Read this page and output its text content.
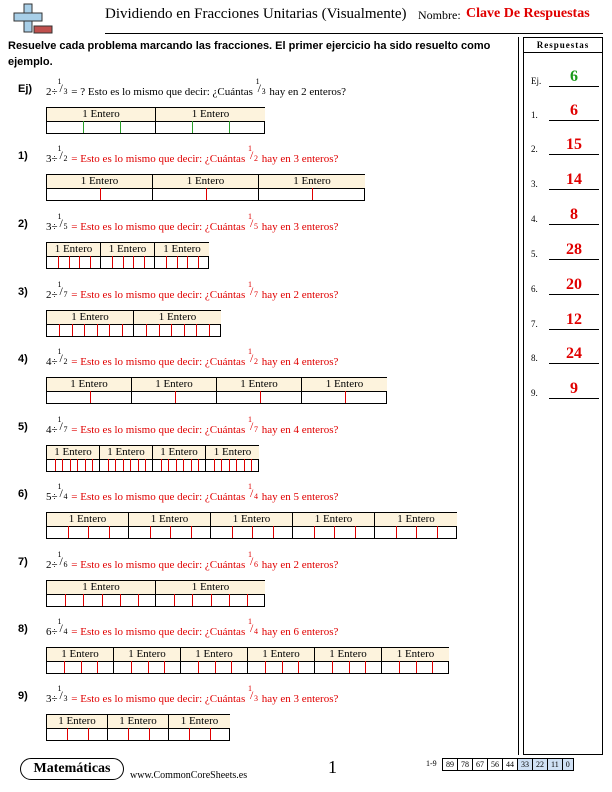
Dividiendo en Fracciones Unitarias (Visualmente) Nombre: Clave De Respuestas
Resuelve cada problema marcando las fracciones. El primer ejercicio ha sido resuelto como ejemplo.
Ej) 2÷
1
/ 3 = ? Esto es lo mismo que decir: ¿Cuántas
1
/ 3 hay en 2 enteros?
1 Entero	1 Entero
1) 3÷
1
/ 2 = Esto es lo mismo que decir: ¿Cuántas
1
/ 2 hay en 3 enteros?
1 Entero	1 Entero	1 Entero
2) 3÷
1
/ 5 = Esto es lo mismo que decir: ¿Cuántas
1
/ 5 hay en 3 enteros?
1 Entero	1 Entero	1 Entero
3) 2÷
1
/ 7 = Esto es lo mismo que decir: ¿Cuántas
1
/ 7 hay en 2 enteros?
1 Entero	1 Entero
4) 4÷
1
/ 2 = Esto es lo mismo que decir: ¿Cuántas
1
/ 2 hay en 4 enteros?
1 Entero	1 Entero	1 Entero	1 Entero
5) 4÷
1
/ 7 = Esto es lo mismo que decir: ¿Cuántas
1
/ 7 hay en 4 enteros?
1 Entero	1 Entero	1 Entero	1 Entero
6) 5÷
1
/ 4 = Esto es lo mismo que decir: ¿Cuántas
1
/ 4 hay en 5 enteros?
1 Entero	1 Entero	1 Entero	1 Entero	1 Entero
7) 2÷
1
/ 6 = Esto es lo mismo que decir: ¿Cuántas
1
/ 6 hay en 2 enteros?
1 Entero	1 Entero
8) 6÷
1
/ 4 = Esto es lo mismo que decir: ¿Cuántas
1
/ 4 hay en 6 enteros?
1 Entero	1 Entero	1 Entero	1 Entero	1 Entero	1 Entero
9) 3÷
1
/ 3 = Esto es lo mismo que decir: ¿Cuántas
1
/ 3 hay en 3 enteros?
1 Entero	1 Entero	1 Entero
Respuestas
Ej.	6
1.	6
2.	15
3.	14
4.	8
5.	28
6.	20
7.	12
8.	24
9.	9
Matemáticas	www.CommonCoreSheets.es	1	1-9 89	78	67	56	44	33	22	11	0
